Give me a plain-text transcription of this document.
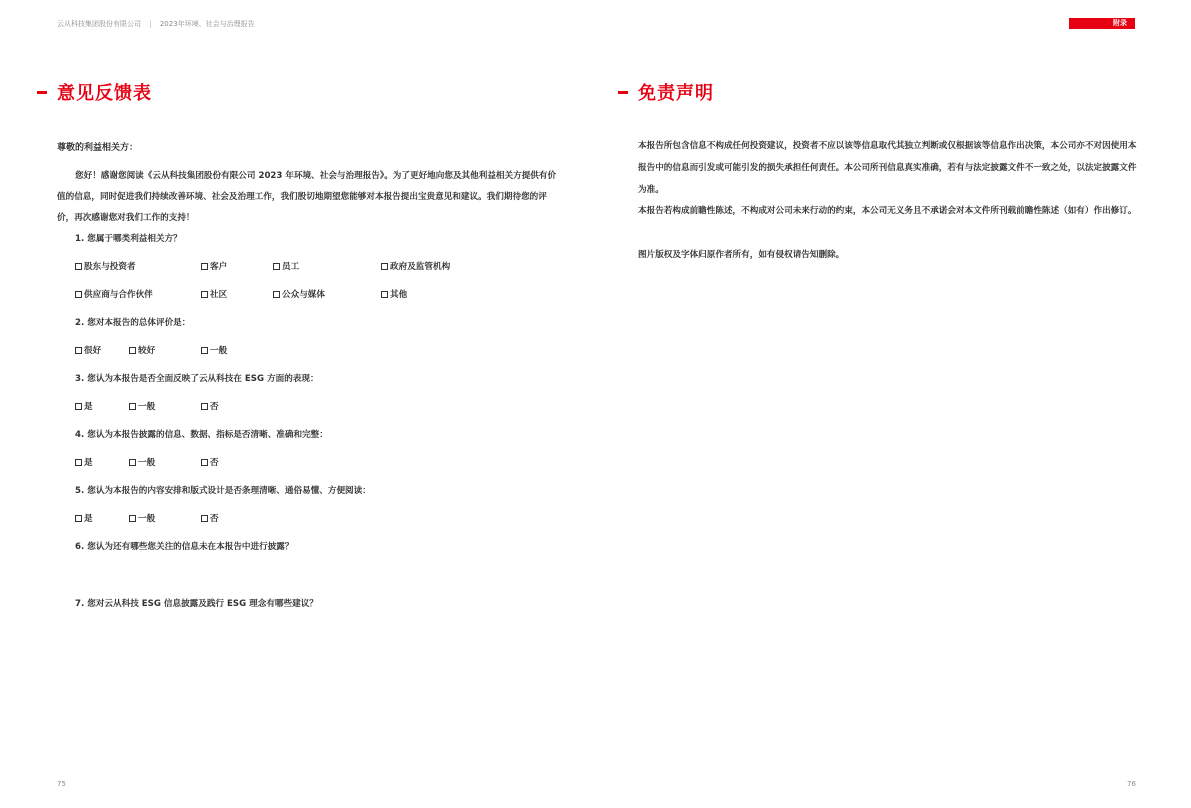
云从科技集团股份有限公司 | 2023年环境、社会与治理报告	附录
意见反馈表
尊敬的利益相关方：
您好！感谢您阅读《云从科技集团股份有限公司 2023 年环境、社会与治理报告》。为了更好地向您及其他利益相关方提供有价值的信息，同时促进我们持续改善环境、社会及治理工作，我们殷切地期望您能够对本报告提出宝贵意见和建议。我们期待您的评价，再次感谢您对我们工作的支持！
1. 您属于哪类利益相关方？
股东与投资者	客户	员工	政府及监管机构
供应商与合作伙伴	社区	公众与媒体	其他
2. 您对本报告的总体评价是：
很好	较好	一般
3. 您认为本报告是否全面反映了云从科技在 ESG 方面的表现：
是	一般	否
4. 您认为本报告披露的信息、数据、指标是否清晰、准确和完整：
是	一般	否
5. 您认为本报告的内容安排和版式设计是否条理清晰、通俗易懂、方便阅读：
是	一般	否
6. 您认为还有哪些您关注的信息未在本报告中进行披露？
7. 您对云从科技 ESG 信息披露及践行 ESG 理念有哪些建议？
免责声明
本报告所包含信息不构成任何投资建议，投资者不应以该等信息取代其独立判断或仅根据该等信息作出决策，本公司亦不对因使用本报告中的信息而引发或可能引发的损失承担任何责任。本公司所刊信息真实准确，若有与法定披露文件不一致之处，以法定披露文件为准。
本报告若构成前瞻性陈述，不构成对公司未来行动的约束，本公司无义务且不承诺会对本文件所刊载前瞻性陈述（如有）作出修订。
图片版权及字体归原作者所有，如有侵权请告知删除。
75	76
